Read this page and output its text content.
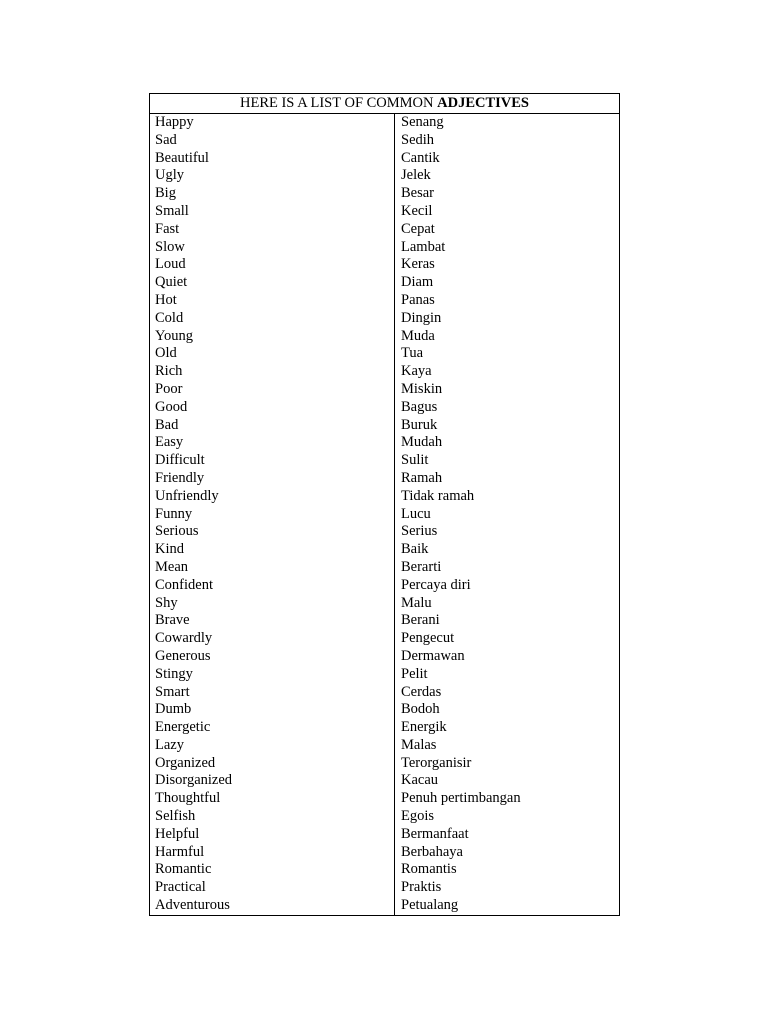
HERE IS A LIST OF COMMON ADJECTIVES
Happy
Sad
Beautiful
Ugly
Big
Small
Fast
Slow
Loud
Quiet
Hot
Cold
Young
Old
Rich
Poor
Good
Bad
Easy
Difficult
Friendly
Unfriendly
Funny
Serious
Kind
Mean
Confident
Shy
Brave
Cowardly
Generous
Stingy
Smart
Dumb
Energetic
Lazy
Organized
Disorganized
Thoughtful
Selfish
Helpful
Harmful
Romantic
Practical
Adventurous
Senang
Sedih
Cantik
Jelek
Besar
Kecil
Cepat
Lambat
Keras
Diam
Panas
Dingin
Muda
Tua
Kaya
Miskin
Bagus
Buruk
Mudah
Sulit
Ramah
Tidak ramah
Lucu
Serius
Baik
Berarti
Percaya diri
Malu
Berani
Pengecut
Dermawan
Pelit
Cerdas
Bodoh
Energik
Malas
Terorganisir
Kacau
Penuh pertimbangan
Egois
Bermanfaat
Berbahaya
Romantis
Praktis
Petualang
